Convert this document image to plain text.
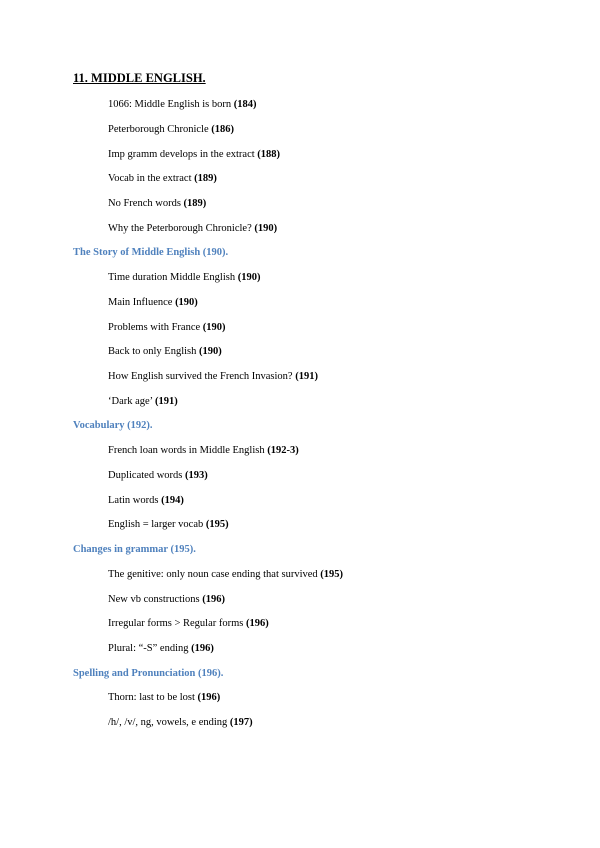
11. MIDDLE ENGLISH.
1066: Middle English is born (184)
Peterborough Chronicle (186)
Imp gramm develops in the extract (188)
Vocab in the extract (189)
No French words (189)
Why the Peterborough Chronicle? (190)
The Story of Middle English (190).
Time duration Middle English (190)
Main Influence (190)
Problems with France (190)
Back to only English (190)
How English survived the French Invasion? (191)
‘Dark age’ (191)
Vocabulary (192).
French loan words in Middle English (192-3)
Duplicated words (193)
Latin words (194)
English = larger vocab (195)
Changes in grammar (195).
The genitive: only noun case ending that survived (195)
New vb constructions (196)
Irregular forms > Regular forms (196)
Plural: “-S” ending (196)
Spelling and Pronunciation (196).
Thorn: last to be lost (196)
/h/, /v/, ng, vowels, e ending (197)
